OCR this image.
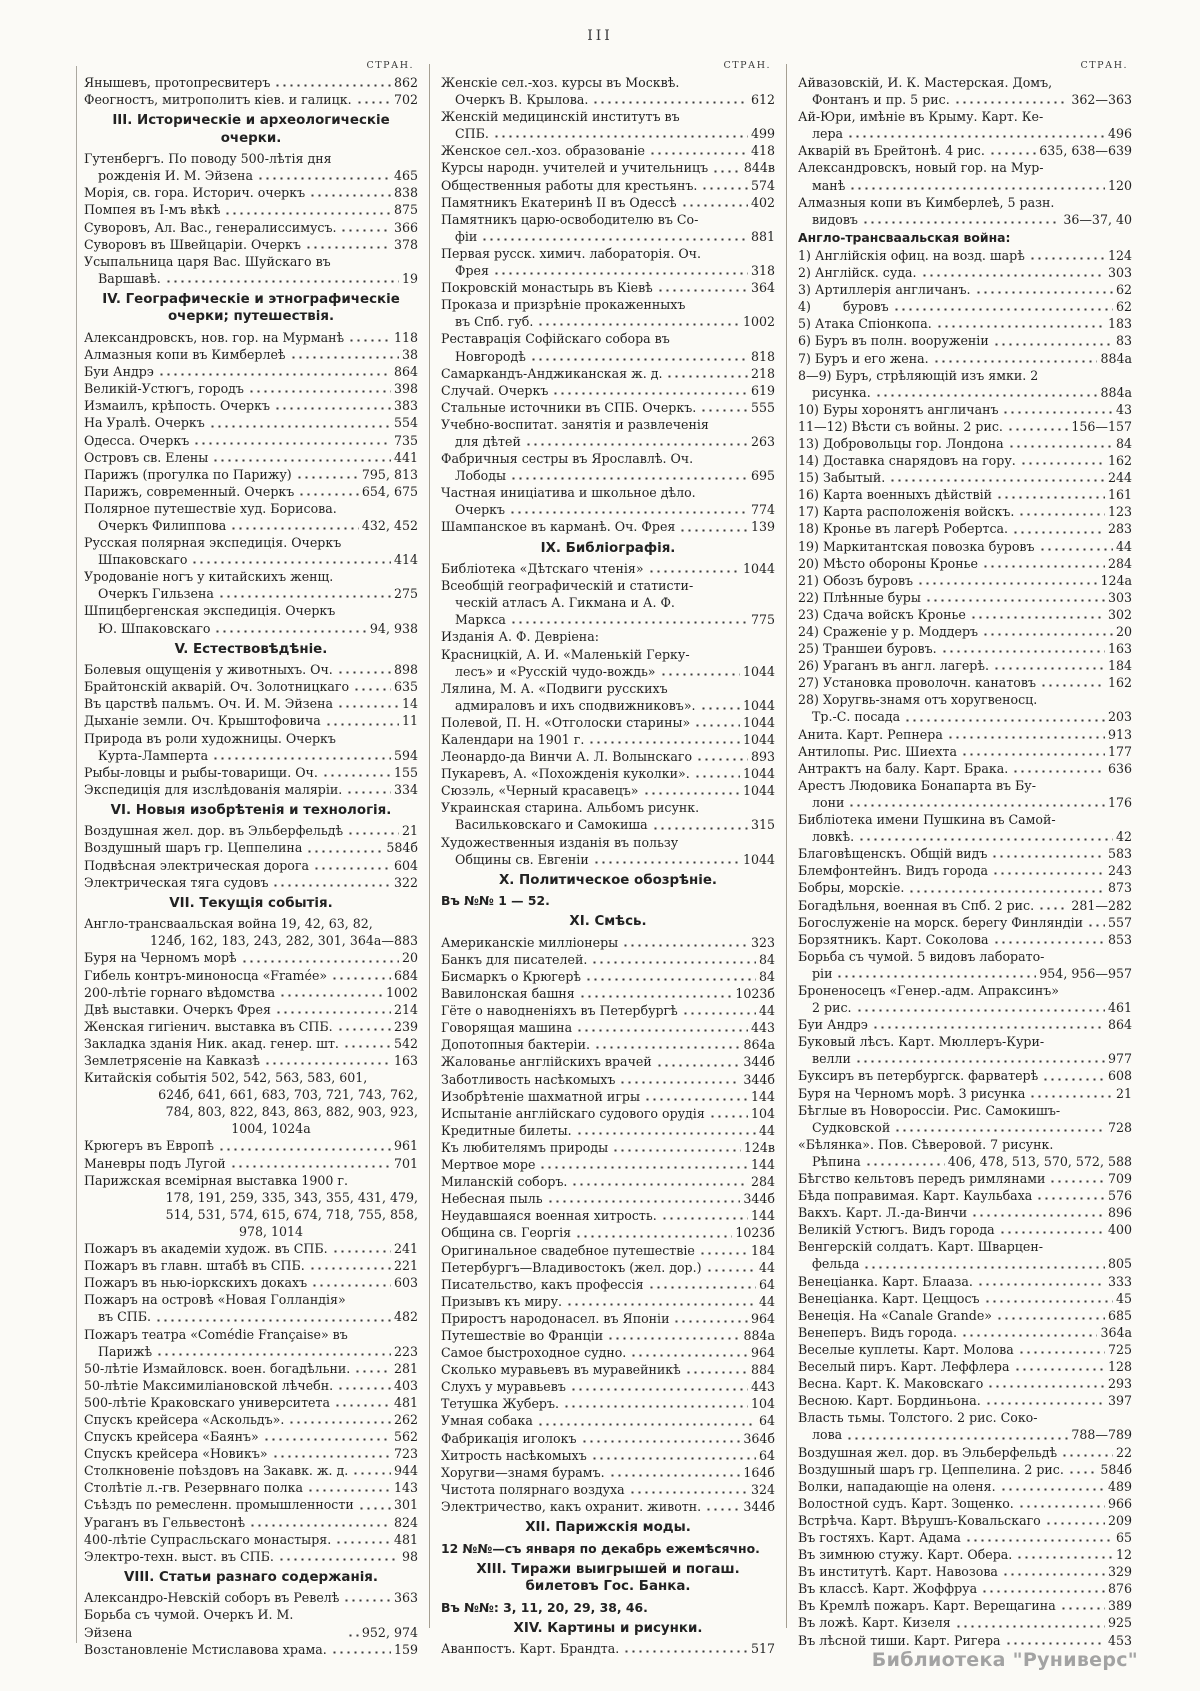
III
СТРАН.
Янышевъ, протопресвитеръ	862
Феогностъ, митрополитъ кіев. и галицк.	702
III. Историческіе и археологическіе очерки.
Гутенбергъ. По поводу 500-лѣтія дня
рожденія И. М. Эйзена	465
Морія, св. гора. Историч. очеркъ	838
Помпея въ I-мъ вѣкѣ	875
Суворовъ, Ал. Вас., генералиссимусъ.	366
Суворовъ въ Швейцаріи. Очеркъ	378
Усыпальница царя Вас. Шуйскаго въ
Варшавѣ.	19
IV. Географическіе и этнографическіе очерки; путешествія.
Александровскъ, нов. гор. на Мурманѣ	118
Алмазныя копи въ Кимберлеѣ	38
Буи Андрэ	864
Великій-Устюгъ, городъ	398
Измаилъ, крѣпость. Очеркъ	383
На Уралѣ. Очеркъ	554
Одесса. Очеркъ	735
Островъ св. Елены	441
Парижъ (прогулка по Парижу)	795, 813
Парижъ, современный. Очеркъ	654, 675
Полярное путешествіе худ. Борисова.
Очеркъ Филиппова	432, 452
Русская полярная экспедиція. Очеркъ
Шпаковскаго	414
Уродованіе ногъ у китайскихъ женщ.
Очеркъ Гильзена	275
Шпицбергенская экспедиція. Очеркъ
Ю. Шпаковскаго	94, 938
V. Естествовѣдѣніе.
Болевыя ощущенія у животныхъ. Оч.	898
Брайтонскій акварій. Оч. Золотницкаго	635
Въ царствѣ пальмъ. Оч. И. М. Эйзена	14
Дыханіе земли. Оч. Крыштофовича	11
Природа въ роли художницы. Очеркъ
Курта-Ламперта	594
Рыбы-ловцы и рыбы-товарищи. Оч.	155
Экспедиція для изслѣдованія маляріи.	334
VI. Новыя изобрѣтенія и технологія.
Воздушная жел. дор. въ Эльберфельдѣ	21
Воздушный шаръ гр. Цеппелина	584б
Подвѣсная электрическая дорога	604
Электрическая тяга судовъ	322
VII. Текущія событія.
Англо-трансваальская война 19, 42, 63, 82,
124б, 162, 183, 243, 282, 301, 364а—883
Буря на Черномъ морѣ	20
Гибель контръ-миноносца «Framée»	684
200-лѣтіе горнаго вѣдомства	1002
Двѣ выставки. Очеркъ Фрея	214
Женская гигіенич. выставка въ СПБ.	239
Закладка зданія Ник. акад. генер. шт.	542
Землетрясеніе на Кавказѣ	163
Китайскія событія 502, 542, 563, 583, 601,
624б, 641, 661, 683, 703, 721, 743, 762,
784, 803, 822, 843, 863, 882, 903, 923,
1004, 1024а
Крюгеръ въ Европѣ	961
Маневры подъ Лугой	701
Парижская всемірная выставка 1900 г.
178, 191, 259, 335, 343, 355, 431, 479,
514, 531, 574, 615, 674, 718, 755, 858,
978, 1014
Пожаръ въ академіи худож. въ СПБ.	241
Пожаръ въ главн. штабѣ въ СПБ.	221
Пожаръ въ нью-іоркскихъ докахъ	603
Пожаръ на островѣ «Новая Голландія»
въ СПБ.	482
Пожаръ театра «Comédie Française» въ
Парижѣ	223
50-лѣтіе Измайловск. воен. богадѣльни.	281
50-лѣтіе Максимиліановской лѣчебн.	403
500-лѣтіе Краковскаго университета	481
Спускъ крейсера «Аскольдъ».	262
Спускъ крейсера «Баянъ»	562
Спускъ крейсера «Новикъ»	723
Столкновеніе поѣздовъ на Закавк. ж. д.	944
Столѣтіе л.-гв. Резервнаго полка	143
Съѣздъ по ремесленн. промышленности	301
Ураганъ въ Гельвестонѣ	824
400-лѣтіе Супрасльскаго монастыря.	481
Электро-техн. выст. въ СПБ.	98
VIII. Статьи разнаго содержанія.
Александро-Невскій соборъ въ Ревелѣ	363
Борьба съ чумой. Очеркъ И. М. Эйзена	952, 974
Возстановленіе Мстиславова храма.	159
СТРАН.
Женскіе сел.-хоз. курсы въ Москвѣ.
Очеркъ В. Крылова.	612
Женскій медицинскій институтъ въ
СПБ.	499
Женское сел.-хоз. образованіе	418
Курсы народн. учителей и учительницъ	844в
Общественныя работы для крестьянъ.	574
Памятникъ Екатеринѣ II въ Одессѣ	402
Памятникъ царю-освободителю въ Со-
фіи	881
Первая русск. химич. лабораторія. Оч.
Фрея	318
Покровскій монастырь въ Кіевѣ	364
Проказа и призрѣніе прокаженныхъ
въ Спб. губ.	1002
Реставрація Софійскаго собора въ
Новгородѣ	818
Самаркандъ-Анджиканская ж. д.	218
Случай. Очеркъ	619
Стальные источники въ СПБ. Очеркъ.	555
Учебно-воспитат. занятія и развлеченія
для дѣтей	263
Фабричныя сестры въ Ярославлѣ. Оч.
Лободы	695
Частная иниціатива и школьное дѣло.
Очеркъ	774
Шампанское въ карманѣ. Оч. Фрея	139
IX. Библіографія.
Библіотека «Дѣтскаго чтенія»	1044
Всеобщій географическій и статисти-
ческій атласъ А. Гикмана и А. Ф.
Маркса	775
Изданія А. Ф. Девріена:
Красницкій, А. И. «Маленькій Герку-
лесъ» и «Русскій чудо-вождь»	1044
Лялина, М. А. «Подвиги русскихъ
адмираловъ и ихъ сподвижниковъ».	1044
Полевой, П. Н. «Отголоски старины»	1044
Календари на 1901 г.	1044
Леонардо-да Винчи А. Л. Волынскаго	893
Пукаревъ, А. «Похожденія куколки».	1044
Сюзэль, «Черный красавецъ»	1044
Украинская старина. Альбомъ рисунк.
Васильковскаго и Самокиша	315
Художественныя изданія въ пользу
Общины св. Евгеніи	1044
X. Политическое обозрѣніе.
Въ №№ 1 — 52.
XI. Смѣсь.
Американскіе милліонеры	323
Банкъ для писателей.	84
Бисмаркъ о Крюгерѣ	84
Вавилонская башня	1023б
Гёте о наводненіяхъ въ Петербургѣ	44
Говорящая машина	443
Допотопныя бактеріи.	864а
Жалованье англійскихъ врачей	344б
Заботливость насѣкомыхъ	344б
Изобрѣтеніе шахматной игры	144
Испытаніе англійскаго судового орудія	104
Кредитные билеты.	44
Къ любителямъ природы	124в
Мертвое море	144
Миланскій соборъ.	284
Небесная пыль	344б
Неудавшаяся военная хитрость.	144
Община св. Георгія	1023б
Оригинальное свадебное путешествіе	184
Петербургъ—Владивостокъ (жел. дор.)	44
Писательство, какъ профессія	64
Призывъ къ миру.	44
Приростъ народонасел. въ Японіи	964
Путешествіе во Франціи	884а
Самое быстроходное судно.	964
Сколько муравьевъ въ муравейникѣ	884
Слухъ у муравьевъ	443
Тетушка Жуберъ.	104
Умная собака	64
Фабрикація иголокъ	364б
Хитрость насѣкомыхъ	64
Хоругви—знамя бурамъ.	164б
Чистота полярнаго воздуха	324
Электричество, какъ охранит. животн.	344б
XII. Парижскія моды.
12 №№—съ января по декабрь ежемѣсячно.
XIII. Тиражи выигрышей и погаш. билетовъ Гос. Банка.
Въ №№: 3, 11, 20, 29, 38, 46.
XIV. Картины и рисунки.
Аванпостъ. Карт. Брандта.	517
СТРАН.
Айвазовскій, И. К. Мастерская. Домъ,
Фонтанъ и пр. 5 рис.	362—363
Ай-Юри, имѣніе въ Крыму. Карт. Ке-
лера	496
Акварій въ Брейтонѣ. 4 рис.	635, 638—639
Александровскъ, новый гор. на Мур-
манѣ	120
Алмазныя копи въ Кимберлеѣ, 5 разн.
видовъ	36—37, 40
Англо-трансваальская война:
1) Англійскія офиц. на возд. шарѣ	124
2) Англійск. суда.	303
3) Артиллерія англичанъ.	62
4)        буровъ	62
5) Атака Спіонкопа.	183
6) Буръ въ полн. вооруженіи	83
7) Буръ и его жена.	884а
8—9) Буръ, стрѣляющій изъ ямки. 2
рисунка.	884а
10) Буры хоронятъ англичанъ	43
11—12) Вѣсти съ войны. 2 рис.	156—157
13) Добровольцы гор. Лондона	84
14) Доставка снарядовъ на гору.	162
15) Забытый.	244
16) Карта военныхъ дѣйствій	161
17) Карта расположенія войскъ.	123
18) Кронье въ лагерѣ Робертса.	283
19) Маркитантская повозка буровъ	44
20) Мѣсто обороны Кронье	284
21) Обозъ буровъ	124а
22) Плѣнные буры	303
23) Сдача войскъ Кронье	302
24) Сраженіе у р. Моддеръ	20
25) Траншеи буровъ.	163
26) Ураганъ въ англ. лагерѣ.	184
27) Установка проволочн. канатовъ	162
28) Хоругвь-знамя отъ хоругвеносц.
Тр.-С. посада	203
Анита. Карт. Репнера	913
Антилопы. Рис. Шиехта	177
Антрактъ на балу. Карт. Брака.	636
Арестъ Людовика Бонапарта въ Бу-
лони	176
Библіотека имени Пушкина въ Самой-
ловкѣ.	42
Благовѣщенскъ. Общій видъ	583
Блемфонтейнъ. Видъ города	243
Бобры, морскіе.	873
Богадѣльня, военная въ Спб. 2 рис.	281—282
Богослуженіе на морск. берегу Финляндіи 557
Борзятникъ. Карт. Соколова	853
Борьба съ чумой. 5 видовъ лаборато-
ріи	954, 956—957
Броненосецъ «Генер.-адм. Апраксинъ»
2 рис.	461
Буи Андрэ	864
Буковый лѣсъ. Карт. Мюллеръ-Кури-
велли	977
Буксиръ въ петербургск. фарватерѣ	608
Буря на Черномъ морѣ. 3 рисунка	21
Бѣглые въ Новороссіи. Рис. Самокишъ-
Судковской	728
«Бѣлянка». Пов. Сѣверовой. 7 рисунк.
Рѣпина	406, 478, 513, 570, 572, 588
Бѣгство кельтовъ передъ римлянами	709
Бѣда поправимая. Карт. Каульбаха	576
Вакхъ. Карт. Л.-да-Винчи	896
Великій Устюгъ. Видъ города	400
Венгерскій солдатъ. Карт. Шварцен-
фельда	805
Венеціанка. Карт. Блааза.	333
Венеціанка. Карт. Цеццосъ	45
Венеція. На «Canale Grande»	685
Венеперъ. Видъ города.	364а
Веселые куплеты. Карт. Молова	725
Веселый пиръ. Карт. Леффлера	128
Весна. Карт. К. Маковскаго	293
Весною. Карт. Бординьона.	397
Власть тьмы. Толстого. 2 рис. Соко-
лова	788—789
Воздушная жел. дор. въ Эльберфельдѣ	22
Воздушный шаръ гр. Цеппелина. 2 рис.	584б
Волки, нападающіе на оленя.	489
Волостной судъ. Карт. Зощенко.	966
Встрѣча. Карт. Вѣрушъ-Ковальскаго	209
Въ гостяхъ. Карт. Адама	65
Въ зимнюю стужу. Карт. Обера.	12
Въ институтѣ. Карт. Навозова	329
Въ классѣ. Карт. Жоффруа	876
Въ Кремлѣ пожаръ. Карт. Верещагина	389
Въ ложѣ. Карт. Кизеля	925
Въ лѣсной тиши. Карт. Ригера	453
Библиотека "Руниверс"
